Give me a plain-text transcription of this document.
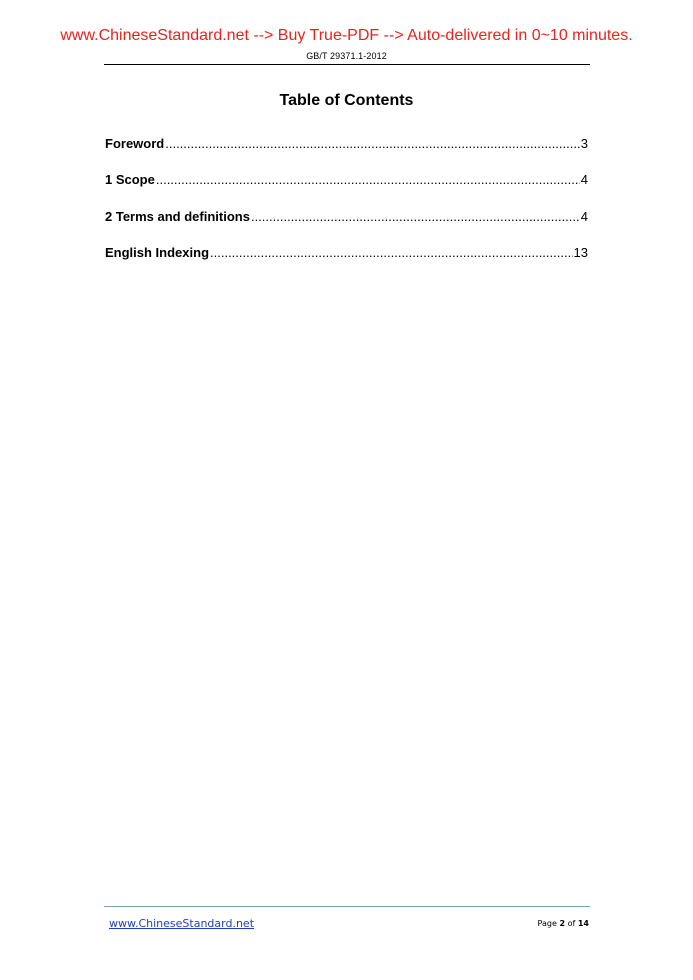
www.ChineseStandard.net --> Buy True-PDF --> Auto-delivered in 0~10 minutes.
GB/T 29371.1-2012
Table of Contents
Foreword .....	3
1 Scope .....	4
2 Terms and definitions .....	4
English Indexing .....	13
www.ChineseStandard.net	Page 2 of 14
